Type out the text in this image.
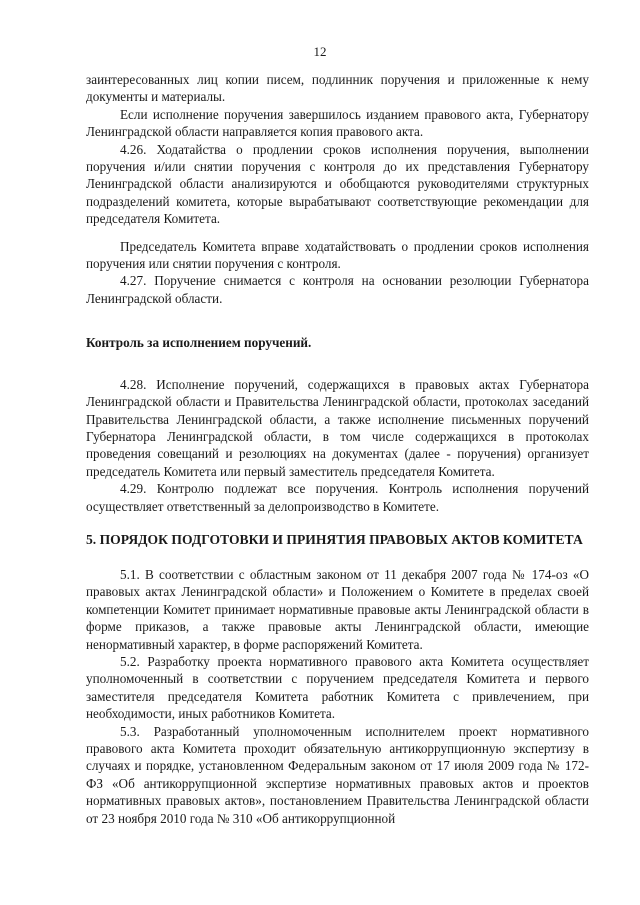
12

заинтересованных лиц копии писем, подлинник поручения и приложенные к нему документы и материалы.

Если исполнение поручения завершилось изданием правового акта, Губернатору Ленинградской области направляется копия правового акта.

4.26. Ходатайства о продлении сроков исполнения поручения, выполнении поручения и/или снятии поручения с контроля до их представления Губернатору Ленинградской области анализируются и обобщаются руководителями структурных подразделений комитета, которые вырабатывают соответствующие рекомендации для председателя Комитета.

Председатель Комитета вправе ходатайствовать о продлении сроков исполнения поручения или снятии поручения с контроля.

4.27. Поручение снимается с контроля на основании резолюции Губернатора Ленинградской области.

Контроль за исполнением поручений.

4.28. Исполнение поручений, содержащихся в правовых актах Губернатора Ленинградской области и Правительства Ленинградской области, протоколах заседаний Правительства Ленинградской области, а также исполнение письменных поручений Губернатора Ленинградской области, в том числе содержащихся в протоколах проведения совещаний и резолюциях на документах (далее - поручения) организует председатель Комитета или первый заместитель председателя Комитета.

4.29. Контролю подлежат все поручения. Контроль исполнения поручений осуществляет ответственный за делопроизводство в Комитете.

5. ПОРЯДОК ПОДГОТОВКИ И ПРИНЯТИЯ ПРАВОВЫХ АКТОВ КОМИТЕТА

5.1. В соответствии с областным законом от 11 декабря 2007 года № 174-оз «О правовых актах Ленинградской области» и Положением о Комитете в пределах своей компетенции Комитет принимает нормативные правовые акты Ленинградской области в форме приказов, а также правовые акты Ленинградской области, имеющие ненормативный характер, в форме распоряжений Комитета.

5.2. Разработку проекта нормативного правового акта Комитета осуществляет уполномоченный в соответствии с поручением председателя Комитета и первого заместителя председателя Комитета работник Комитета с привлечением, при необходимости, иных работников Комитета.

5.3. Разработанный уполномоченным исполнителем проект нормативного правового акта Комитета проходит обязательную антикоррупционную экспертизу в случаях и порядке, установленном Федеральным законом от 17 июля 2009 года № 172-ФЗ «Об антикоррупционной экспертизе нормативных правовых актов и проектов нормативных правовых актов», постановлением Правительства Ленинградской области от 23 ноября 2010 года № 310 «Об антикоррупционной
